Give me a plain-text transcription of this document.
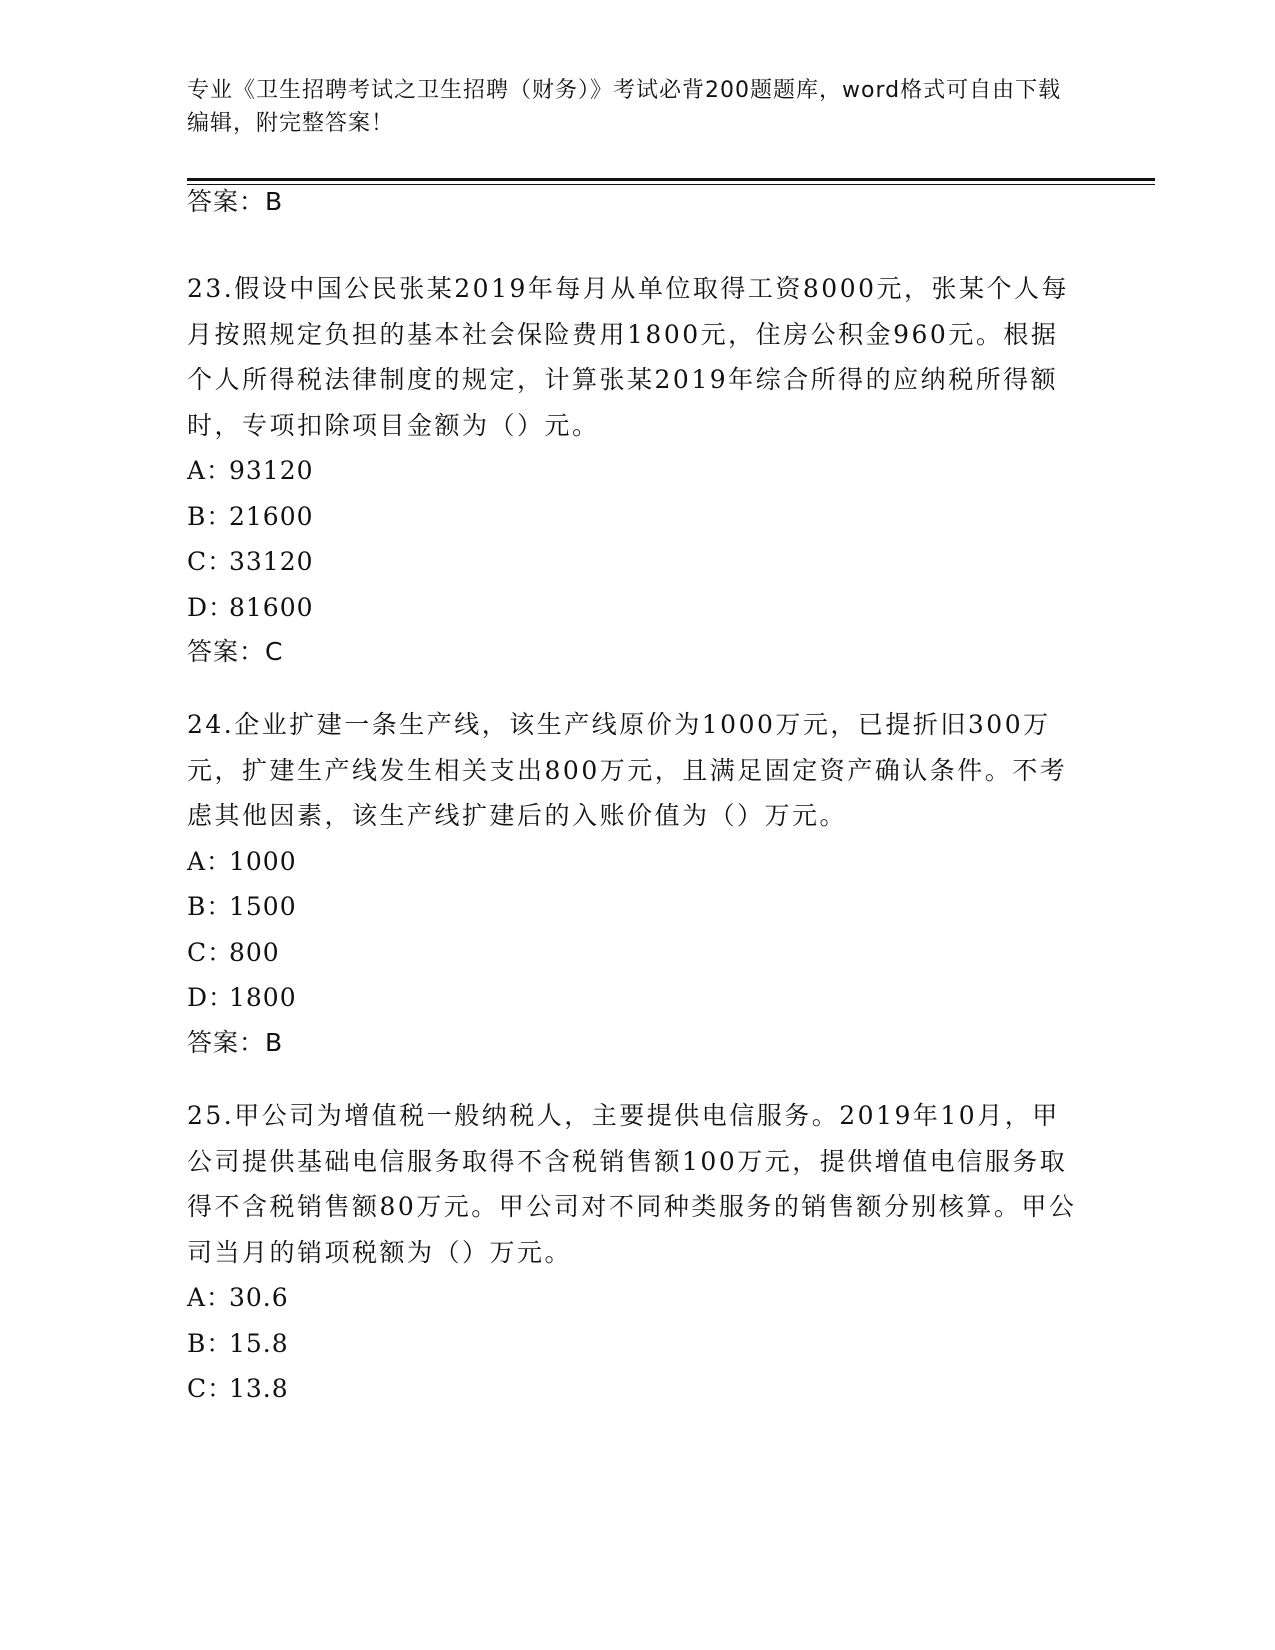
专业《卫生招聘考试之卫生招聘（财务）》考试必背200题题库，word格式可自由下载编辑，附完整答案！
答案：B
23.假设中国公民张某2019年每月从单位取得工资8000元，张某个人每月按照规定负担的基本社会保险费用1800元，住房公积金960元。根据个人所得税法律制度的规定，计算张某2019年综合所得的应纳税所得额时，专项扣除项目金额为（）元。
A：93120
B：21600
C：33120
D：81600
答案：C
24.企业扩建一条生产线，该生产线原价为1000万元，已提折旧300万元，扩建生产线发生相关支出800万元，且满足固定资产确认条件。不考虑其他因素，该生产线扩建后的入账价值为（）万元。
A：1000
B：1500
C：800
D：1800
答案：B
25.甲公司为增值税一般纳税人，主要提供电信服务。2019年10月，甲公司提供基础电信服务取得不含税销售额100万元，提供增值电信服务取得不含税销售额80万元。甲公司对不同种类服务的销售额分别核算。甲公司当月的销项税额为（）万元。
A：30.6
B：15.8
C：13.8
